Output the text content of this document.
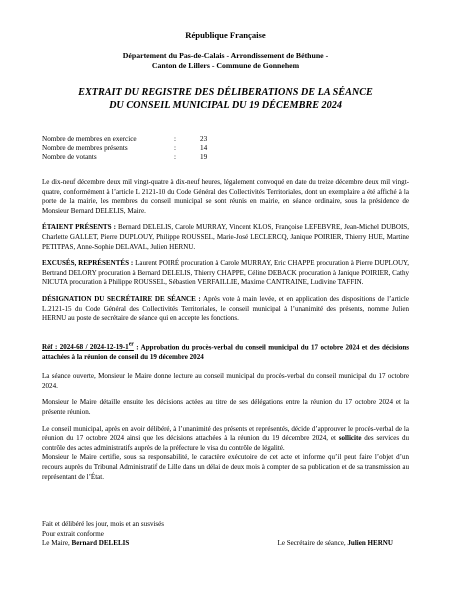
République Française
Département du Pas-de-Calais - Arrondissement de Béthune -
Canton de Lillers - Commune de Gonnehem
EXTRAIT DU REGISTRE DES DÉLIBERATIONS DE LA SÉANCE
DU CONSEIL MUNICIPAL DU 19 DÉCEMBRE 2024
Nombre de membres en exercice	:	23
Nombre de membres présents	:	14
Nombre de votants	:	19

Le dix-neuf décembre deux mil vingt-quatre à dix-neuf heures, légalement convoqué en date du treize décembre deux mil vingt-quatre, conformément à l’article L 2121-10 du Code Général des Collectivités Territoriales, dont un exemplaire a été affiché à la porte de la mairie, les membres du conseil municipal se sont réunis en mairie, en séance ordinaire, sous la présidence de Monsieur Bernard DELELIS, Maire.

ÉTAIENT PRÉSENTS : Bernard DELELIS, Carole MURRAY, Vincent KLOS, Françoise LEFEBVRE, Jean-Michel DUBOIS, Charlette GALLET, Pierre DUPLOUY, Philippe ROUSSEL, Marie-José LECLERCQ, Janique POIRIER, Thierry HUE, Martine PETITPAS, Anne-Sophie DELAVAL, Julien HERNU.

EXCUSÉS, REPRÉSENTÉS : Laurent POIRÉ procuration à Carole MURRAY, Eric CHAPPE procuration à Pierre DUPLOUY, Bertrand DELORY procuration à Bernard DELELIS, Thierry CHAPPE, Céline DEBACK procuration à Janique POIRIER, Cathy NICUTA procuration à Philippe ROUSSEL, Sébastien VERFAILLIE, Maxime CANTRAINE, Ludivine TAFFIN.

DÉSIGNATION DU SECRÉTAIRE DE SÉANCE : Après vote à main levée, et en application des dispositions de l’article L.2121-15 du Code Général des Collectivités Territoriales, le conseil municipal à l’unanimité des présents, nomme Julien HERNU au poste de secrétaire de séance qui en accepte les fonctions.

Réf : 2024-68 / 2024-12-19-1er : Approbation du procès-verbal du conseil municipal du 17 octobre 2024 et des décisions attachées à la réunion de conseil du 19 décembre 2024

La séance ouverte, Monsieur le Maire donne lecture au conseil municipal du procès-verbal du conseil municipal du 17 octobre 2024.

Monsieur le Maire détaille ensuite les décisions actées au titre de ses délégations entre la réunion du 17 octobre 2024 et la présente réunion.

Le conseil municipal, après en avoir délibéré, à l’unanimité des présents et représentés, décide d’approuver le procès-verbal de la réunion du 17 octobre 2024 ainsi que les décisions attachées à la réunion du 19 décembre 2024, et sollicite des services du contrôle des actes administratifs auprès de la préfecture le visa du contrôle de légalité.

Monsieur le Maire certifie, sous sa responsabilité, le caractère exécutoire de cet acte et informe qu’il peut faire l’objet d’un recours auprès du Tribunal Administratif de Lille dans un délai de deux mois à compter de sa publication et de sa transmission au représentant de l’État.

Fait et délibéré les jour, mois et an susvisés
Pour extrait conforme
Le Maire, Bernard DELELIS	Le Secrétaire de séance, Julien HERNU
